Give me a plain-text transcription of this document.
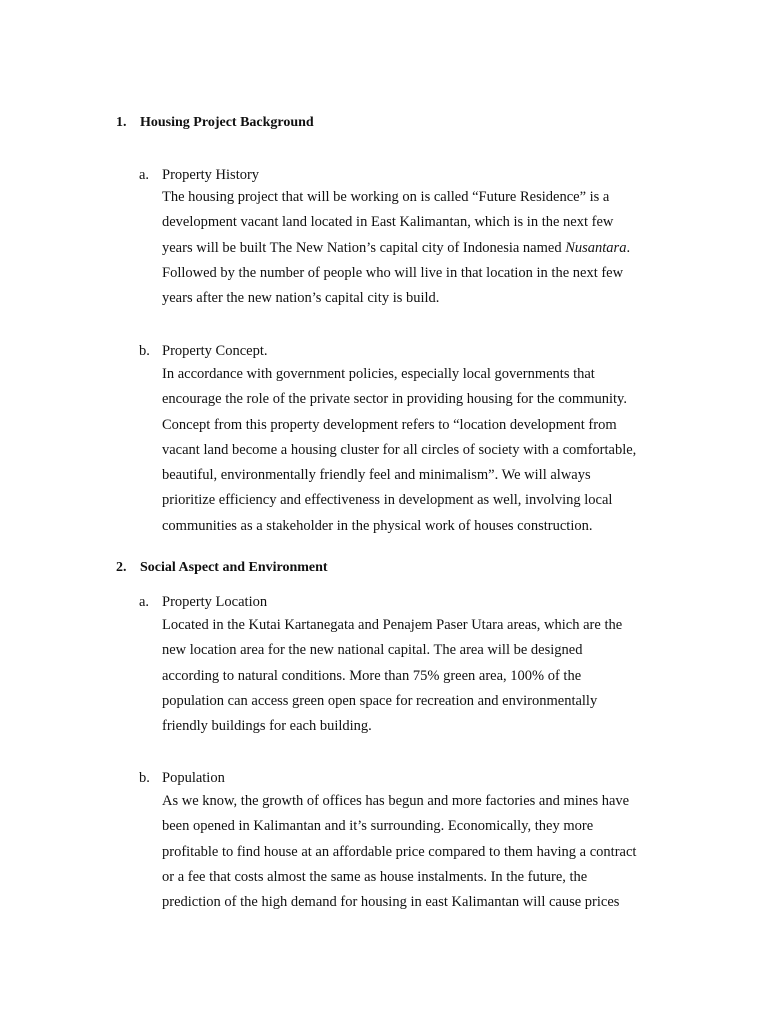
1. Housing Project Background
a. Property History
The housing project that will be working on is called “Future Residence” is a
development vacant land located in East Kalimantan, which is in the next few
years will be built The New Nation’s capital city of Indonesia named Nusantara.
Followed by the number of people who will live in that location in the next few
years after the new nation’s capital city is build.
b. Property Concept.
In accordance with government policies, especially local governments that
encourage the role of the private sector in providing housing for the community.
Concept from this property development refers to “location development from
vacant land become a housing cluster for all circles of society with a comfortable,
beautiful, environmentally friendly feel and minimalism”. We will always
prioritize efficiency and effectiveness in development as well, involving local
communities as a stakeholder in the physical work of houses construction.
2. Social Aspect and Environment
a. Property Location
Located in the Kutai Kartanegata and Penajem Paser Utara areas, which are the
new location area for the new national capital. The area will be designed
according to natural conditions. More than 75% green area, 100% of the
population can access green open space for recreation and environmentally
friendly buildings for each building.
b. Population
As we know, the growth of offices has begun and more factories and mines have
been opened in Kalimantan and it’s surrounding. Economically, they more
profitable to find house at an affordable price compared to them having a contract
or a fee that costs almost the same as house instalments. In the future, the
prediction of the high demand for housing in east Kalimantan will cause prices
